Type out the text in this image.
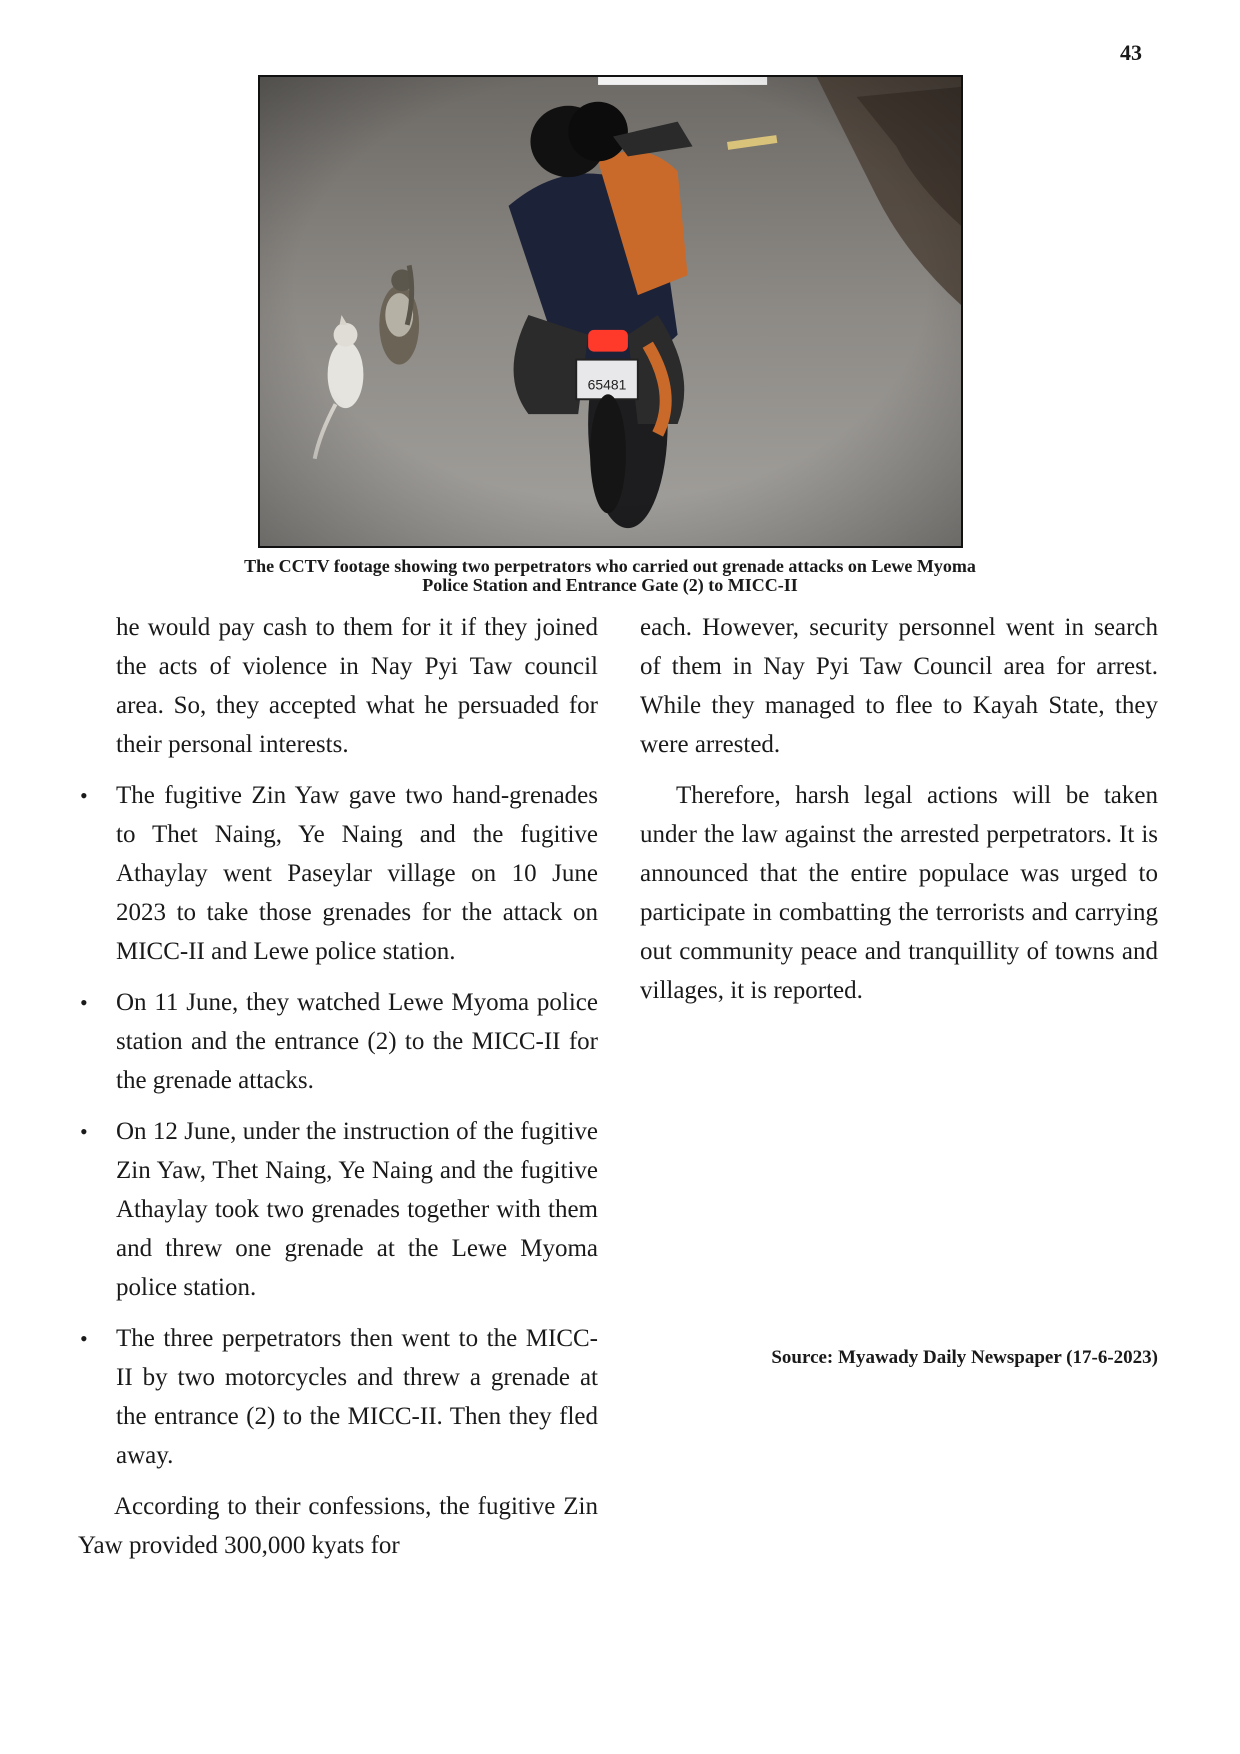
43
The CCTV footage showing two perpetrators who carried out grenade attacks on Lewe Myoma
Police Station and Entrance Gate (2) to MICC-II

he would pay cash to them for it if they joined the acts of violence in Nay Pyi Taw council area. So, they accepted what he persuaded for their personal interests.

• The fugitive Zin Yaw gave two hand-grenades to Thet Naing, Ye Naing and the fugitive Athaylay went Paseylar village on 10 June 2023 to take those grenades for the attack on MICC-II and Lewe police station.
• On 11 June, they watched Lewe Myoma police station and the entrance (2) to the MICC-II for the grenade attacks.
• On 12 June, under the instruction of the fugitive Zin Yaw, Thet Naing, Ye Naing and the fugitive Athaylay took two grenades together with them and threw one grenade at the Lewe Myoma police station.
• The three perpetrators then went to the MICC-II by two motorcycles and threw a grenade at the entrance (2) to the MICC-II. Then they fled away.

According to their confessions, the fugitive Zin Yaw provided 300,000 kyats for

each. However, security personnel went in search of them in Nay Pyi Taw Council area for arrest. While they managed to flee to Kayah State, they were arrested.

Therefore, harsh legal actions will be taken under the law against the arrested perpetrators. It is announced that the entire populace was urged to participate in combatting the terrorists and carrying out community peace and tranquillity of towns and villages, it is reported.

Source: Myawady Daily Newspaper (17-6-2023)
